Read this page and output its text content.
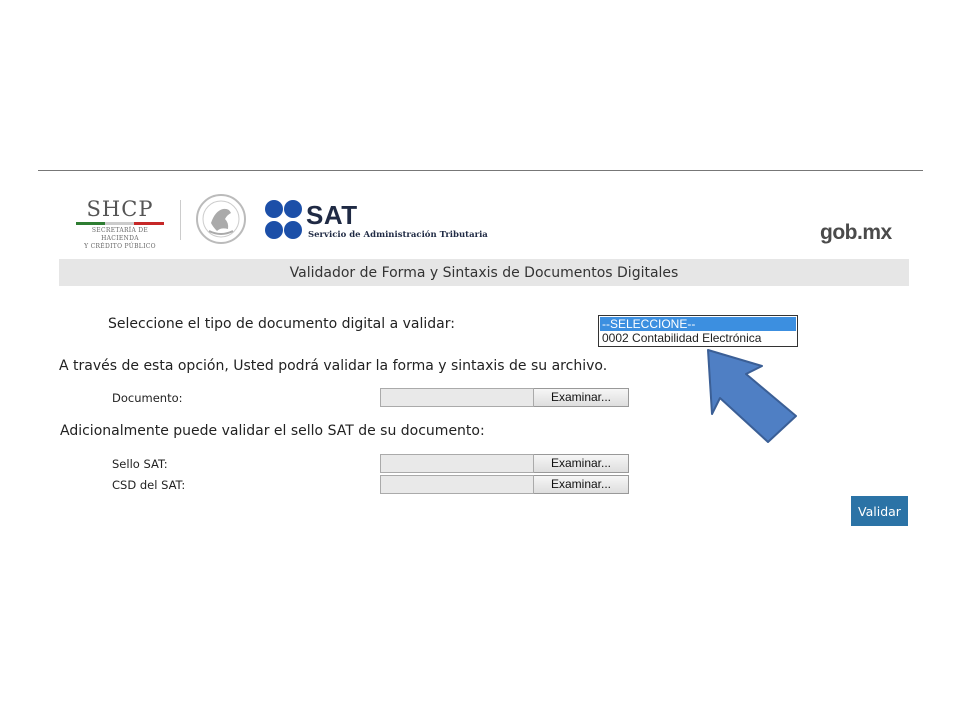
SHCP
SECRETARÍA DE HACIENDA
Y CRÉDITO PÚBLICO
SAT
Servicio de Administración Tributaria	gob.mx
Validador de Forma y Sintaxis de Documentos Digitales
Seleccione el tipo de documento digital a validar:	--SELECCIONE--
0002 Contabilidad Electrónica
A través de esta opción, Usted podrá validar la forma y sintaxis de su archivo.
Documento:	Examinar...
Adicionalmente puede validar el sello SAT de su documento:
Sello SAT:	Examinar...
CSD del SAT:	Examinar...
Validar
